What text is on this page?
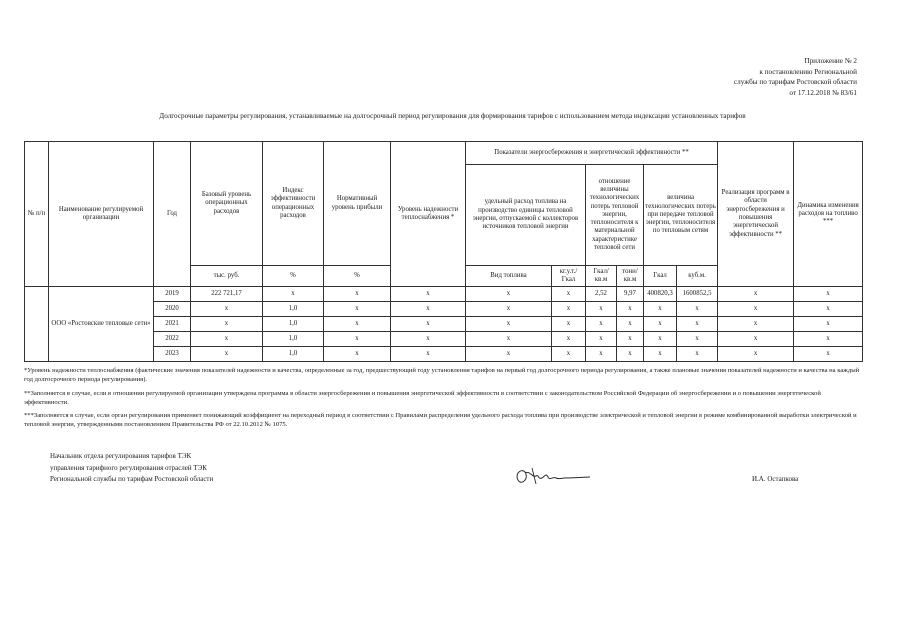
Приложение № 2
к постановлению Региональной
службы по тарифам Ростовской области
от 17.12.2018 № 83/61
Долгосрочные параметры регулирования, устанавливаемые на долгосрочный период регулирования для формирования тарифов с использованием метода индексации установленных тарифов
№ п/п	Наименование регулируемой организации	Год	Базовый уровень операционных расходов	Индекс эффективности операционных расходов	Нормативный уровень прибыли	Уровень надежности теплоснабжения *	Показатели энергосбережения и энергетической эффективности **						Реализация программ в области энергосбережения и повышения энергетической эффективности **	Динамика изменения расходов на топливо ***
							удельный расход топлива на производство единицы тепловой энергии, отпускаемой с коллекторов источников тепловой энергии		отношение величины технологических потерь тепловой энергии, теплоносителя к материальной характеристике тепловой сети		величина технологических потерь при передаче тепловой энергии, теплоносителя по тепловым сетям			
			тыс. руб.	%	%		Вид топлива	кг.у.т./Гкал	Гкал/ кв.м	тонн/кв.м	Гкал	куб.м.		
	ООО «Ростовские тепловые сети»	2019	222 721,17	x	x	x	x	x	2,52	9,97	400820,3	1600852,5	x	x
		2020	x	1,0	x	x	x	x	x	x	x	x	x	x
		2021	x	1,0	x	x	x	x	x	x	x	x	x	x
		2022	x	1,0	x	x	x	x	x	x	x	x	x	x
		2023	x	1,0	x	x	x	x	x	x	x	x	x	x

*Уровень надежности теплоснабжения (фактические значения показателей надежности и качества, определенные за год, предшествующий году установления тарифов на первый год долгосрочного периода регулирования, а также плановые значения показателей надежности и качества на каждый год долгосрочного периода регулирования).

**Заполняется в случае, если в отношении регулируемой организации утверждена программа в области энергосбережения и повышения энергетической эффективности в соответствии с законодательством Российской Федерации об энергосбережении и о повышении энергетической эффективности.

***Заполняется в случае, если орган регулирования применяет понижающий коэффициент на переходный период в соответствии с Правилами распределения удельного расхода топлива при производстве электрической и тепловой энергии в режиме комбинированной выработки электрической и тепловой энергии, утвержденными постановлением Правительства РФ от 22.10.2012 № 1075.

Начальник отдела регулирования тарифов ТЭК
управления тарифного регулирования отраслей ТЭК
Региональной службы по тарифам Ростовской области	И.А. Остапкова
